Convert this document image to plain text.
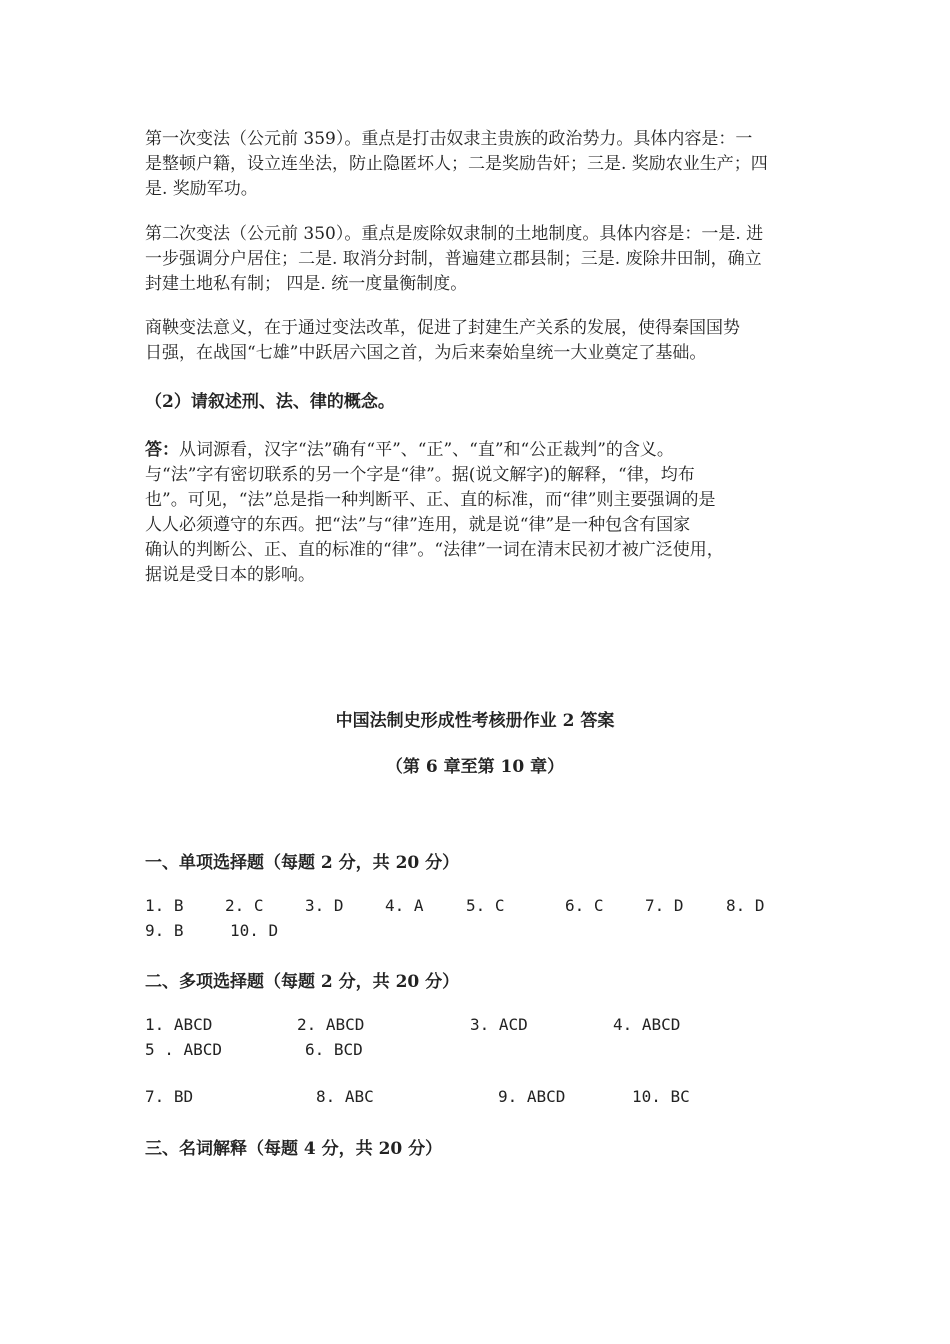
第一次变法（公元前 359）。重点是打击奴隶主贵族的政治势力。具体内容是：一
是整顿户籍，设立连坐法，防止隐匿坏人；二是奖励告奸；三是. 奖励农业生产；四
是. 奖励军功。

第二次变法（公元前 350）。重点是废除奴隶制的土地制度。具体内容是：一是. 进
一步强调分户居住；二是. 取消分封制，普遍建立郡县制；三是. 废除井田制，确立
封建土地私有制； 四是. 统一度量衡制度。

商鞅变法意义，在于通过变法改革，促进了封建生产关系的发展，使得秦国国势
日强，在战国“七雄”中跃居六国之首，为后来秦始皇统一大业奠定了基础。

（2）请叙述刑、法、律的概念。

答：从词源看，汉字“法”确有“平”、“正”、“直”和“公正裁判”的含义。
与“法”字有密切联系的另一个字是“律”。据(说文解字)的解释，“律，均布
也”。可见，“法”总是指一种判断平、正、直的标准，而“律”则主要强调的是
人人必须遵守的东西。把“法”与“律”连用，就是说“律”是一种包含有国家
确认的判断公、正、直的标准的“律”。“法律”一词在清末民初才被广泛使用，
据说是受日本的影响。

中国法制史形成性考核册作业 2 答案

（第 6 章至第 10 章）

一、单项选择题（每题 2 分，共 20 分）

1. B	2. C	3. D	4. A	5. C	6. C	7. D	8. D
9. B	10. D

二、多项选择题（每题 2 分，共 20 分）

1. ABCD	2. ABCD	3. ACD	4. ABCD
5 . ABCD	6. BCD
7. BD	8. ABC	9. ABCD	10. BC

三、名词解释（每题 4 分，共 20 分）
